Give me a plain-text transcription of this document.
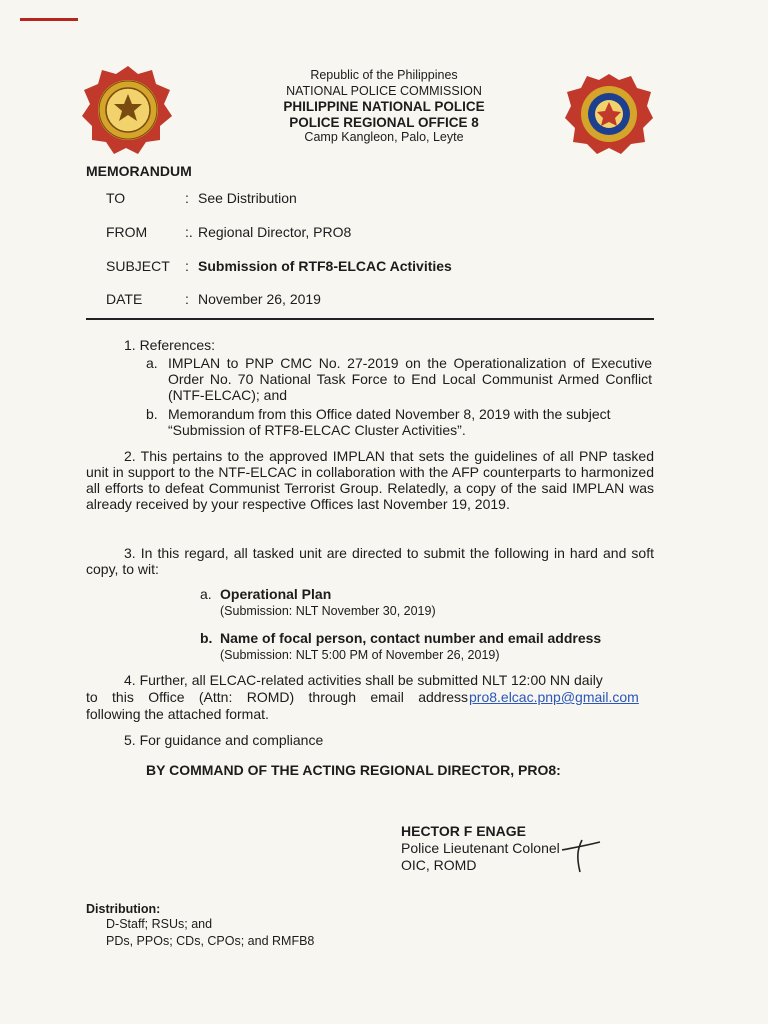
Republic of the Philippines
NATIONAL POLICE COMMISSION
PHILIPPINE NATIONAL POLICE
POLICE REGIONAL OFFICE 8
Camp Kangleon, Palo, Leyte
MEMORANDUM
TO	: See Distribution
FROM	:. Regional Director, PRO8
SUBJECT	: Submission of RTF8-ELCAC Activities
DATE	: November 26, 2019
1. References:
a. IMPLAN to PNP CMC No. 27-2019 on the Operationalization of Executive Order No. 70 National Task Force to End Local Communist Armed Conflict (NTF-ELCAC); and
b. Memorandum from this Office dated November 8, 2019 with the subject “Submission of RTF8-ELCAC Cluster Activities”.
2. This pertains to the approved IMPLAN that sets the guidelines of all PNP tasked unit in support to the NTF-ELCAC in collaboration with the AFP counterparts to harmonized all efforts to defeat Communist Terrorist Group. Relatedly, a copy of the said IMPLAN was already received by your respective Offices last November 19, 2019.
3. In this regard, all tasked unit are directed to submit the following in hard and soft copy, to wit:
a. Operational Plan
(Submission: NLT November 30, 2019)
b. Name of focal person, contact number and email address
(Submission: NLT 5:00 PM of November 26, 2019)
4. Further, all ELCAC-related activities shall be submitted NLT 12:00 NN daily
to this Office (Attn: ROMD) through email address pro8.elcac.pnp@gmail.com
following the attached format.
5. For guidance and compliance
BY COMMAND OF THE ACTING REGIONAL DIRECTOR, PRO8:
HECTOR F ENAGE
Police Lieutenant Colonel
OIC, ROMD
Distribution:
D-Staff; RSUs; and
PDs, PPOs; CDs, CPOs; and RMFB8
